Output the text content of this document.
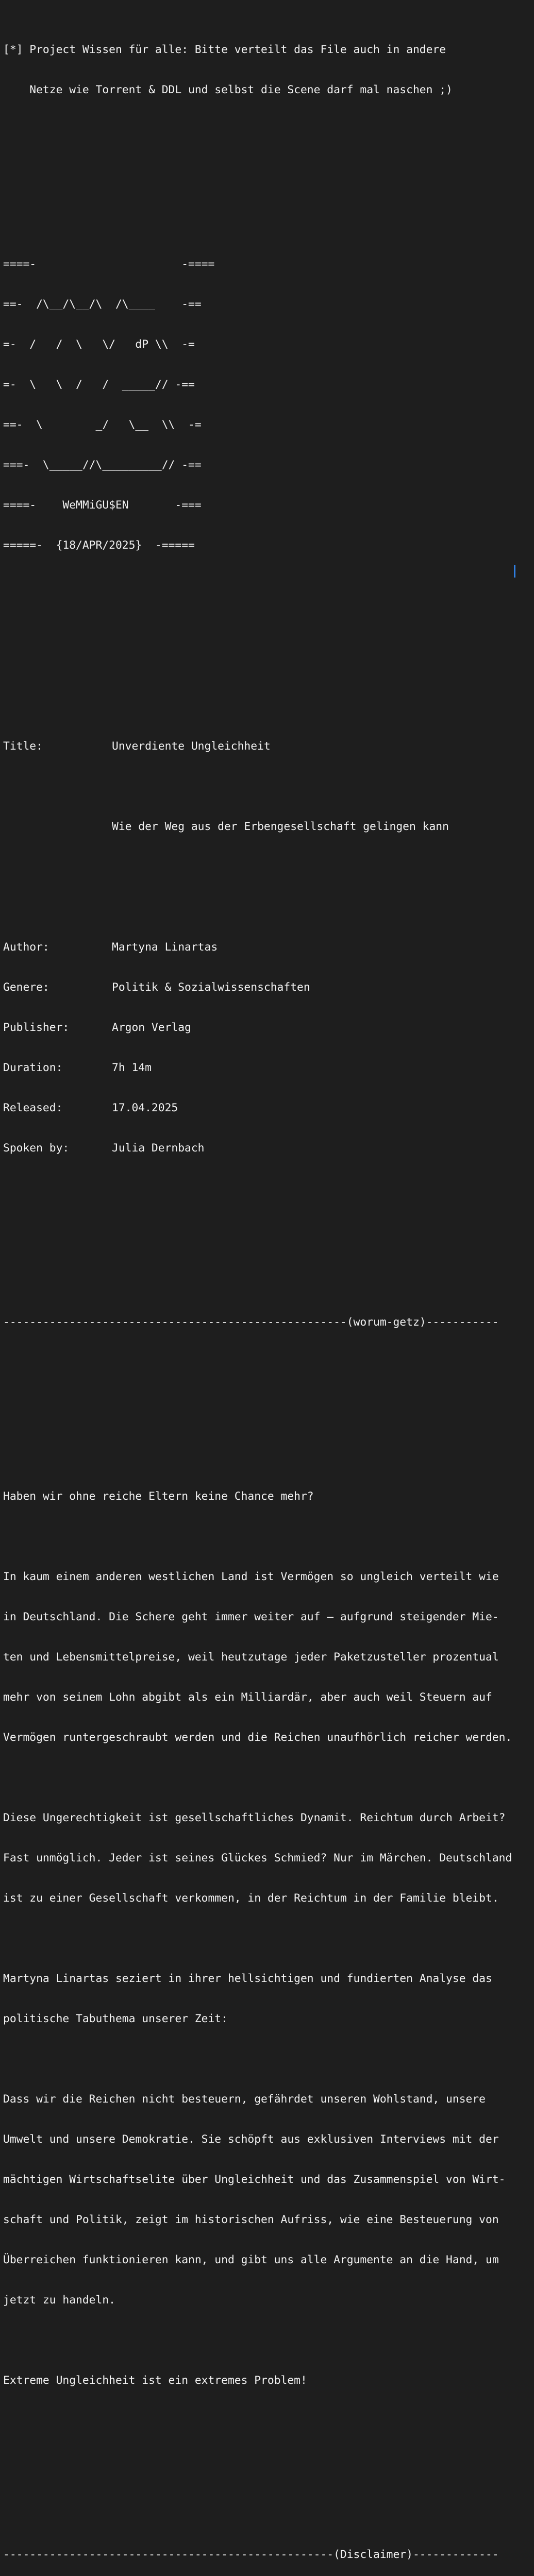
[*] Project Wissen für alle: Bitte verteilt das File auch in andere

Netze wie Torrent & DDL und selbst die Scene darf mal naschen ;)

====-                      -====

==-  /\__/\__/\  /\____    -==

=-  /   /  \   \/   dP \\  -=

=-  \   \  /   /  _____// -==

==-  \        _/   \__  \\  -=

===-  \_____//\_________// -==

====-    WeMMiGU$EN       -===

=====-  {18/APR/2025}  -=====

Title:	Unverdiente Ungleichheit

Wie der Weg aus der Erbengesellschaft gelingen kann

Author:	Martyna Linartas

Genere:	Politik & Sozialwissenschaften

Publisher:	Argon Verlag

Duration:	7h 14m

Released:	17.04.2025

Spoken by:	Julia Dernbach

----------------------------------------------------(worum-getz)-----------

Haben wir ohne reiche Eltern keine Chance mehr?

In kaum einem anderen westlichen Land ist Vermögen so ungleich verteilt wie

in Deutschland. Die Schere geht immer weiter auf – aufgrund steigender Mie-

ten und Lebensmittelpreise, weil heutzutage jeder Paketzusteller prozentual

mehr von seinem Lohn abgibt als ein Milliardär, aber auch weil Steuern auf

Vermögen runtergeschraubt werden und die Reichen unaufhörlich reicher werden.

Diese Ungerechtigkeit ist gesellschaftliches Dynamit. Reichtum durch Arbeit?

Fast unmöglich. Jeder ist seines Glückes Schmied? Nur im Märchen. Deutschland

ist zu einer Gesellschaft verkommen, in der Reichtum in der Familie bleibt.

Martyna Linartas seziert in ihrer hellsichtigen und fundierten Analyse das

politische Tabuthema unserer Zeit:

Dass wir die Reichen nicht besteuern, gefährdet unseren Wohlstand, unsere

Umwelt und unsere Demokratie. Sie schöpft aus exklusiven Interviews mit der

mächtigen Wirtschaftselite über Ungleichheit und das Zusammenspiel von Wirt-

schaft und Politik, zeigt im historischen Aufriss, wie eine Besteuerung von

Überreichen funktionieren kann, und gibt uns alle Argumente an die Hand, um

jetzt zu handeln.

Extreme Ungleichheit ist ein extremes Problem!

--------------------------------------------------(Disclaimer)-------------
